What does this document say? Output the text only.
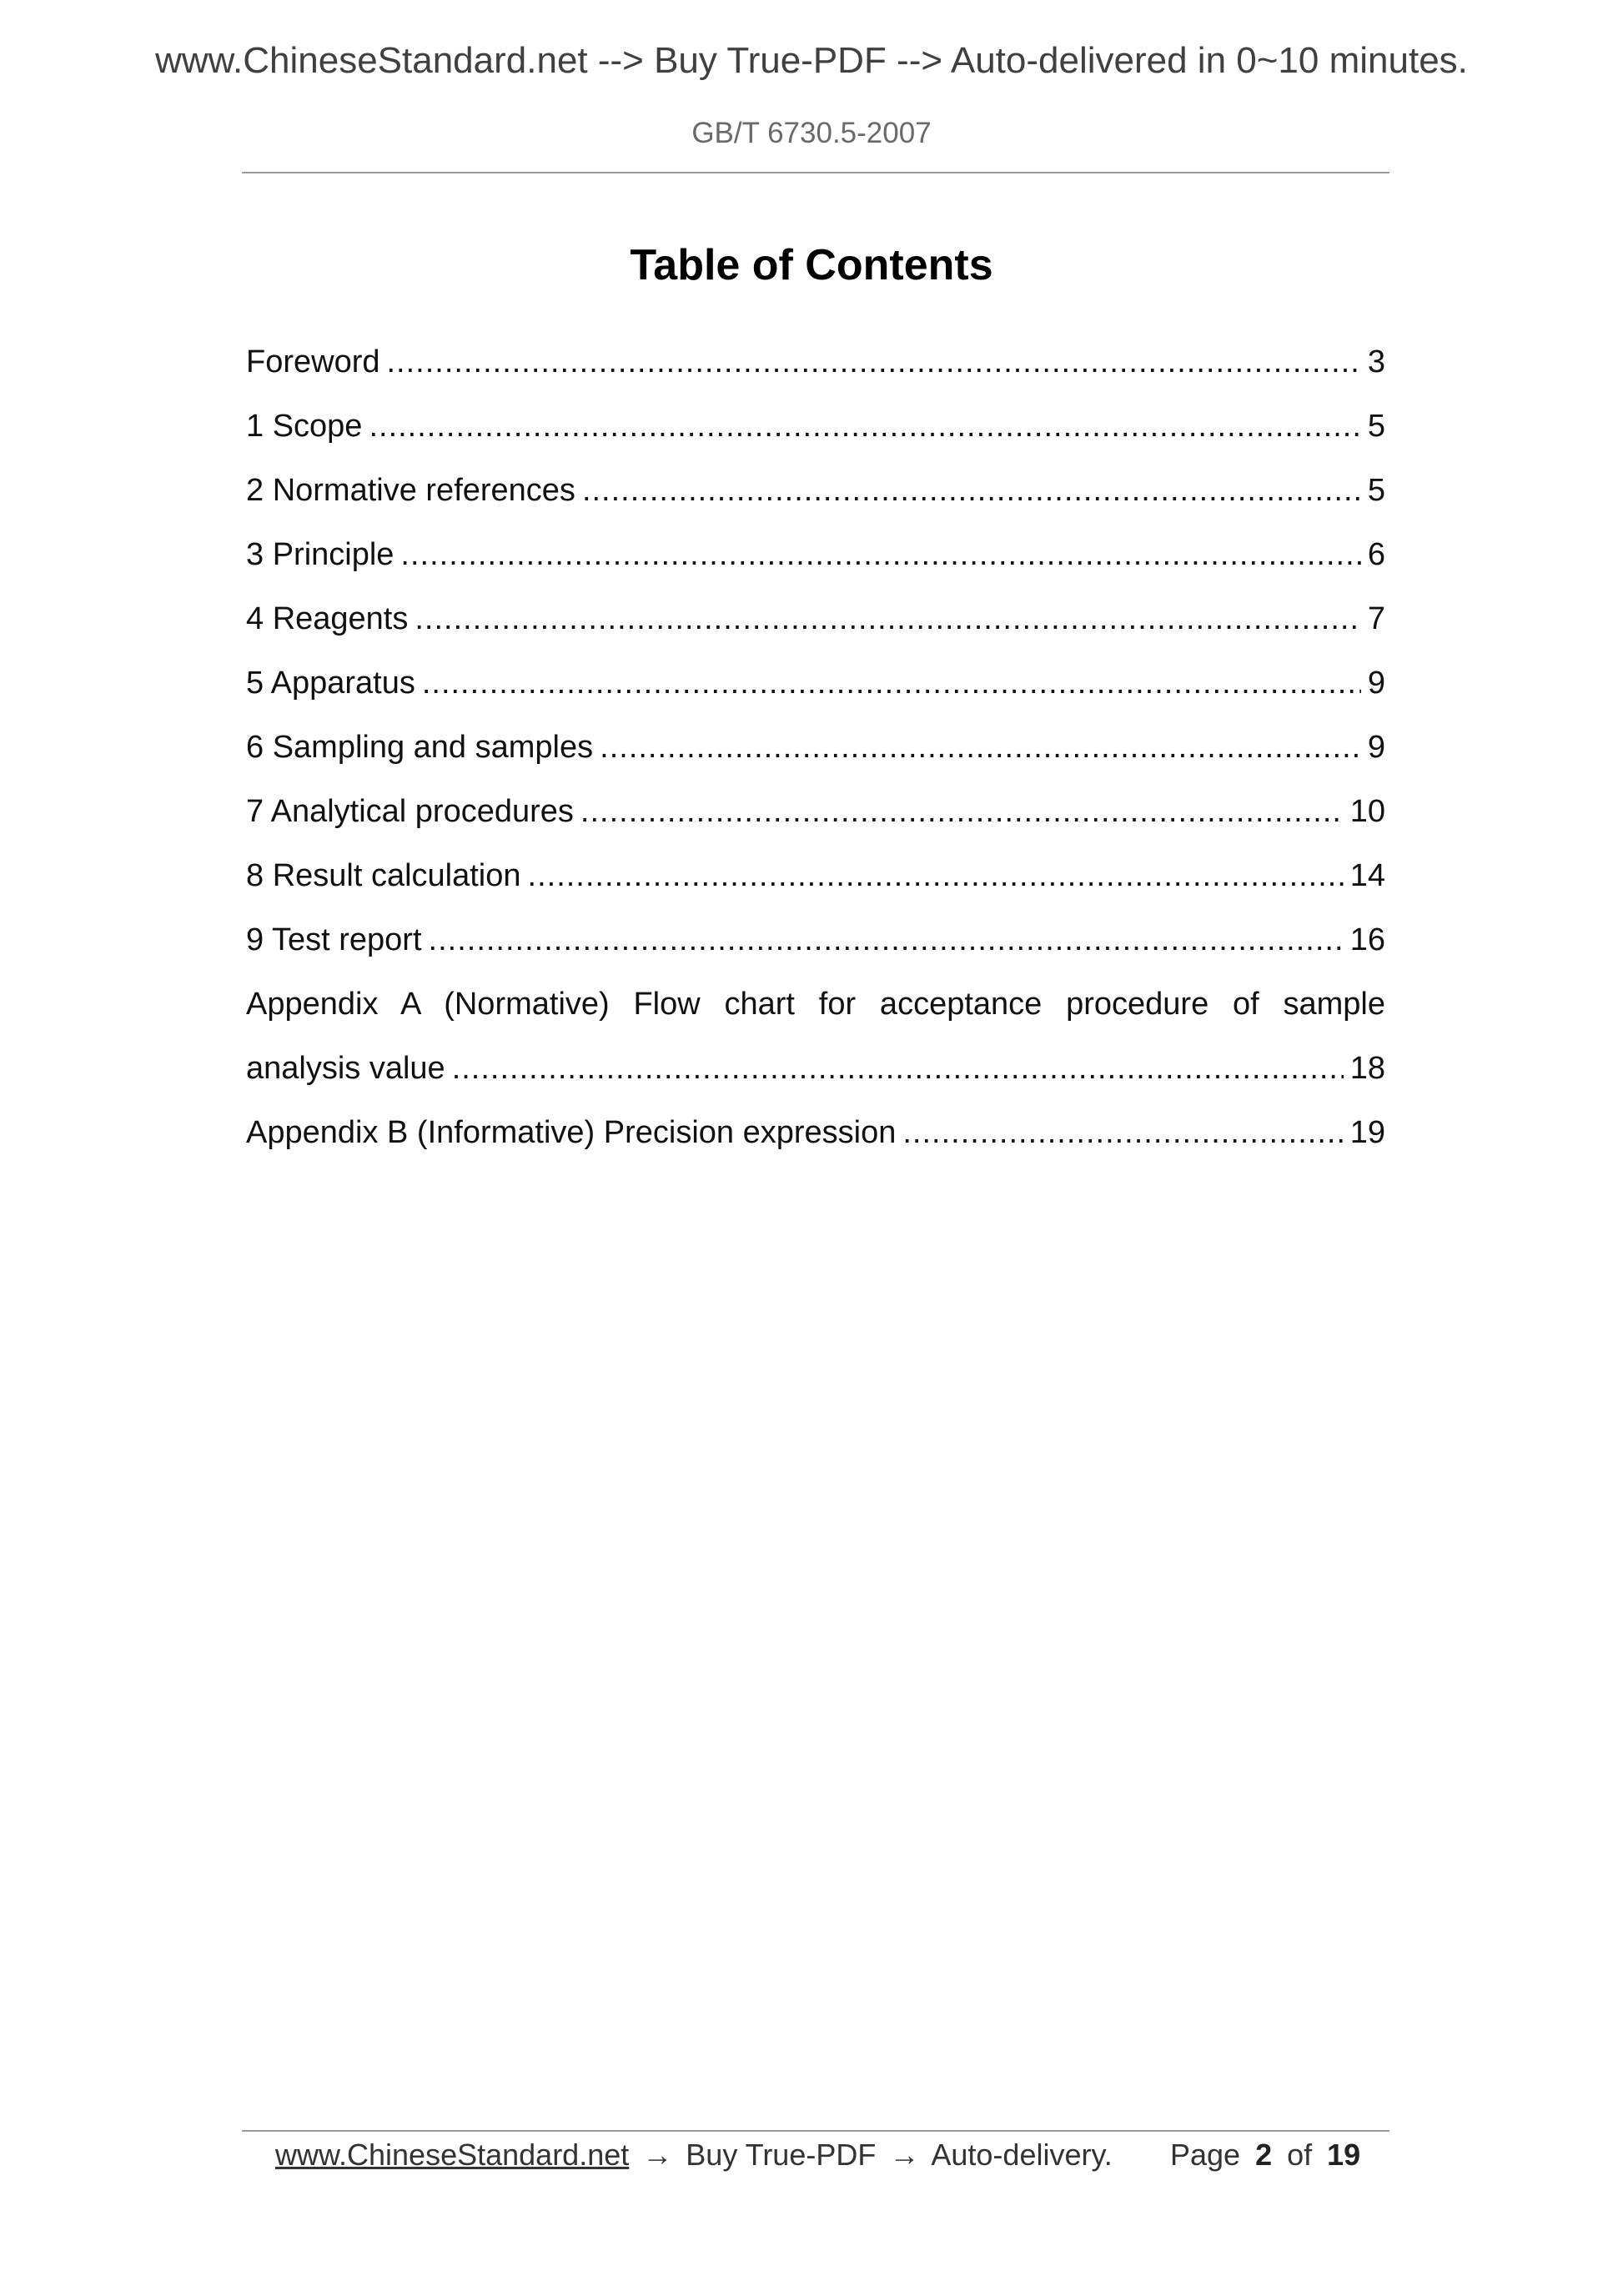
www.ChineseStandard.net --> Buy True-PDF --> Auto-delivered in 0~10 minutes.
GB/T 6730.5-2007
Table of Contents
Foreword .....	3
1 Scope .....	5
2 Normative references .....	5
3 Principle .....	6
4 Reagents .....	7
5 Apparatus .....	9
6 Sampling and samples .....	9
7 Analytical procedures .....	10
8 Result calculation .....	14
9 Test report .....	16
Appendix A (Normative) Flow chart for acceptance procedure of sample
analysis value .....	18
Appendix B (Informative) Precision expression .....	19
www.ChineseStandard.net → Buy True-PDF → Auto-delivery. Page 2 of 19
